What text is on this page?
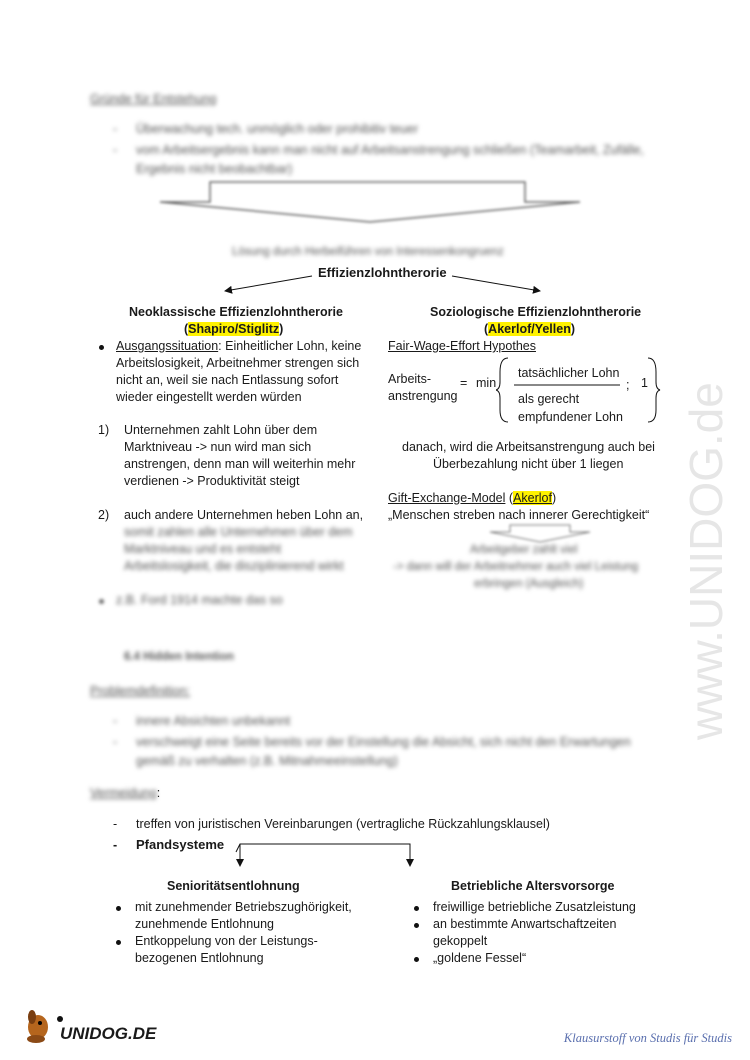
Gründe für Entstehung
- Überwachung tech. unmöglich oder prohibitiv teuer
- vom Arbeitsergebnis kann man nicht auf Arbeitsanstrengung schließen (Teamarbeit, Zufälle,
Ergebnis nicht beobachtbar)
Lösung durch Herbeiführen von Interessenkongruenz
Effizienzlohntherorie
Neoklassische Effizienzlohntherorie
(Shapiro/Stiglitz)
Ausgangssituation: Einheitlicher Lohn, keine
Arbeitslosigkeit, Arbeitnehmer strengen sich
nicht an, weil sie nach Entlassung sofort
wieder eingestellt werden würden
1) Unternehmen zahlt Lohn über dem
Marktniveau -> nun wird man sich
anstrengen, denn man will weiterhin mehr
verdienen -> Produktivität steigt
2) auch andere Unternehmen heben Lohn an,
somit zahlen alle Unternehmen über dem
Marktniveau und es entsteht
Arbeitslosigkeit, die disziplinierend wirkt
z.B. Ford 1914 machte das so
Soziologische Effizienzlohntherorie
(Akerlof/Yellen)
Fair-Wage-Effort Hypothes
Arbeits-
anstrengung
= min
tatsächlicher Lohn
als gerecht
empfundener Lohn
; 1
danach, wird die Arbeitsanstrengung auch bei
Überbezahlung nicht über 1 liegen
Gift-Exchange-Model (Akerlof)
„Menschen streben nach innerer Gerechtigkeit“
Arbeitgeber zahlt viel
-> dann will der Arbeitnehmer auch viel Leistung
erbringen (Ausgleich)
6.4 Hidden Intention
Problemdefinition:
- innere Absichten unbekannt
- verschweigt eine Seite bereits vor der Einstellung die Absicht, sich nicht den Erwartungen
gemäß zu verhalten (z.B. Mitnahmeeinstellung)
Vermeidung:
- treffen von juristischen Vereinbarungen (vertragliche Rückzahlungsklausel)
- Pfandsysteme
Senioritätsentlohnung
mit zunehmender Betriebszughörigkeit,
zunehmende Entlohnung
Entkoppelung von der Leistungs-
bezogenen Entlohnung
Betriebliche Altersvorsorge
freiwillige betriebliche Zusatzleistung
an bestimmte Anwartschaftzeiten
gekoppelt
„goldene Fessel“
www.UNIDOG.de
UNIDOG.DE	Klausurstoff von Studis für Studis
